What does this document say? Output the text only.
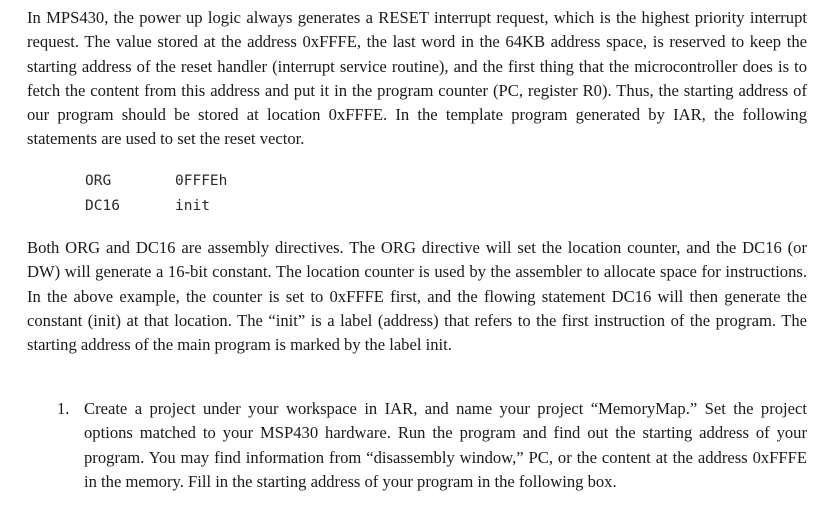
In MPS430, the power up logic always generates a RESET interrupt request, which is the highest priority interrupt request. The value stored at the address 0xFFFE, the last word in the 64KB address space, is reserved to keep the starting address of the reset handler (interrupt service routine), and the first thing that the microcontroller does is to fetch the content from this address and put it in the program counter (PC, register R0). Thus, the starting address of our program should be stored at location 0xFFFE. In the template program generated by IAR, the following statements are used to set the reset vector.

ORG	0FFFEh
DC16	init

Both ORG and DC16 are assembly directives. The ORG directive will set the location counter, and the DC16 (or DW) will generate a 16-bit constant. The location counter is used by the assembler to allocate space for instructions. In the above example, the counter is set to 0xFFFE first, and the flowing statement DC16 will then generate the constant (init) at that location. The “init” is a label (address) that refers to the first instruction of the program. The starting address of the main program is marked by the label init.

1. Create a project under your workspace in IAR, and name your project “MemoryMap.” Set the project options matched to your MSP430 hardware. Run the program and find out the starting address of your program. You may find information from “disassembly window,” PC, or the content at the address 0xFFFE in the memory. Fill in the starting address of your program in the following box.
